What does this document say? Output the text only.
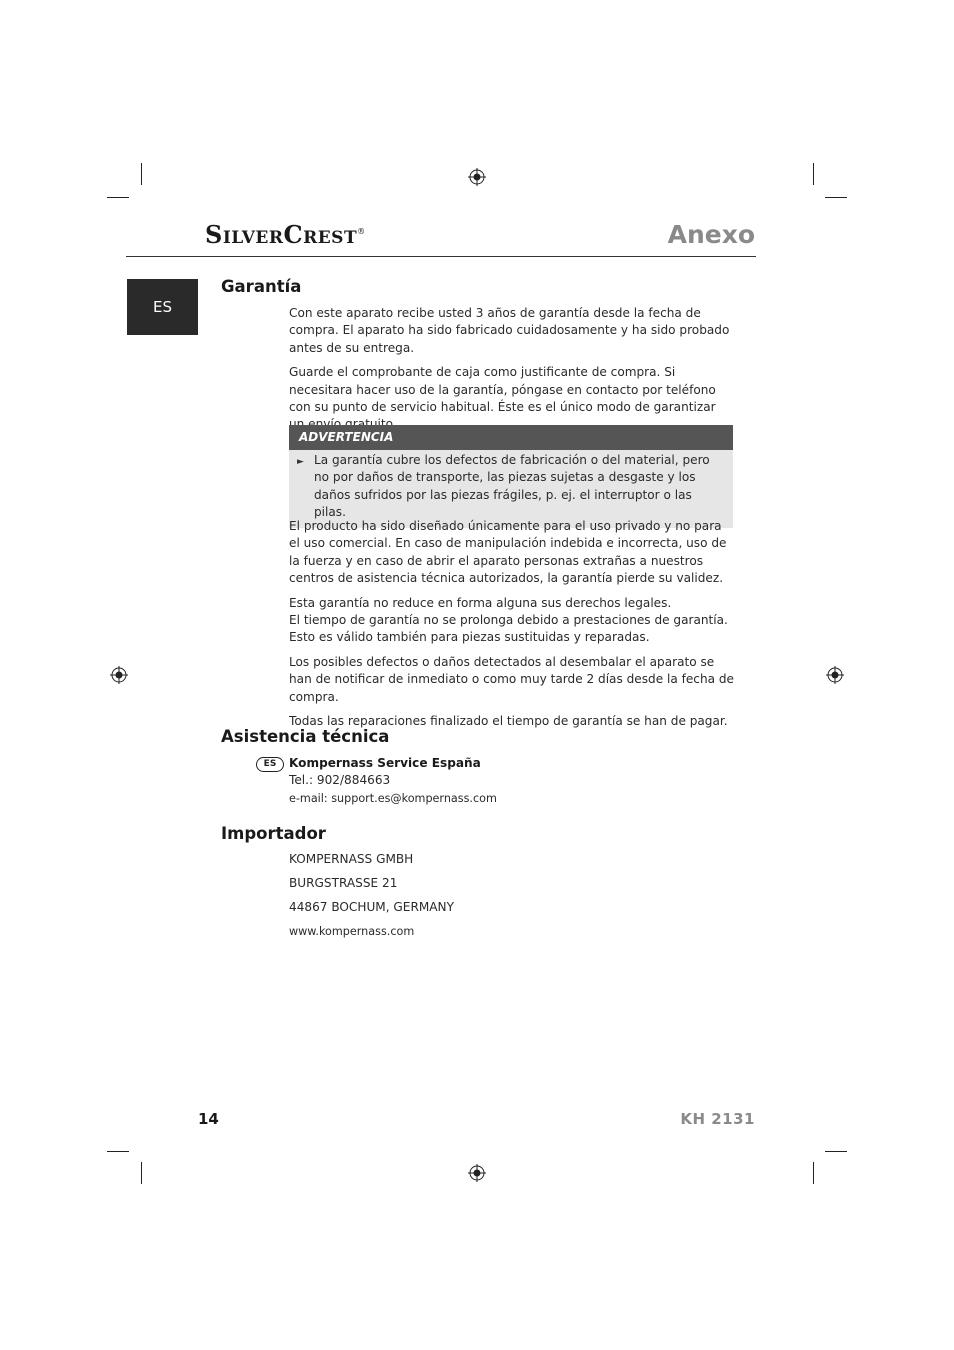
SilverCrest®	Anexo
ES
Garantía

Con este aparato recibe usted 3 años de garantía desde la fecha de compra. El aparato ha sido fabricado cuidadosamente y ha sido probado antes de su entrega.

Guarde el comprobante de caja como justificante de compra. Si necesitara hacer uso de la garantía, póngase en contacto por teléfono con su punto de servicio habitual. Éste es el único modo de garantizar

ADVERTENCIA
► La garantía cubre los defectos de fabricación o del material, pero no por daños de transporte, las piezas sujetas a desgaste y los daños sufridos por las piezas frágiles, p. ej. el interruptor o las pilas.

El producto ha sido diseñado únicamente para el uso privado y no para el uso comercial. En caso de manipulación indebida e incorrecta, uso de la fuerza y en caso de abrir el aparato personas extrañas a nuestros centros de asistencia técnica autorizados, la garantía pierde su validez.

Esta garantía no reduce en forma alguna sus derechos legales.
El tiempo de garantía no se prolonga debido a prestaciones de garantía.
Esto es válido también para piezas sustituidas y reparadas.

Los posibles defectos o daños detectados al desembalar el aparato se han de notificar de inmediato o como muy tarde 2 días desde la fecha de compra.

Todas las reparaciones finalizado el tiempo de garantía se han de pagar.

Asistencia técnica
ES	Kompernass Service España
Tel.: 902/884663
e-mail: support.es@kompernass.com
Importador
KOMPERNASS GMBH
BURGSTRASSE 21
44867 BOCHUM, GERMANY
www.kompernass.com
14	KH 2131
